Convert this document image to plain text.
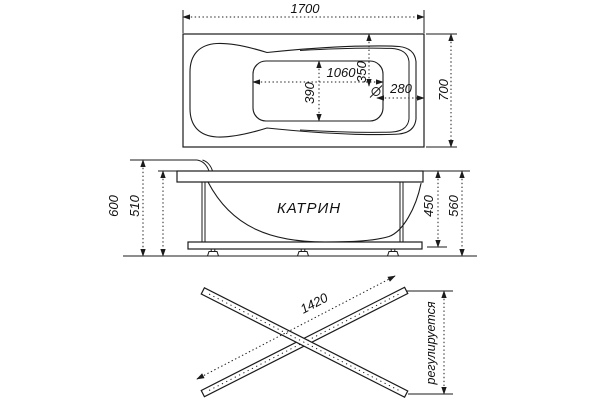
1700
700
1060
390
350
280
600 510	450 560
КАТРИН
1420	регулируется
